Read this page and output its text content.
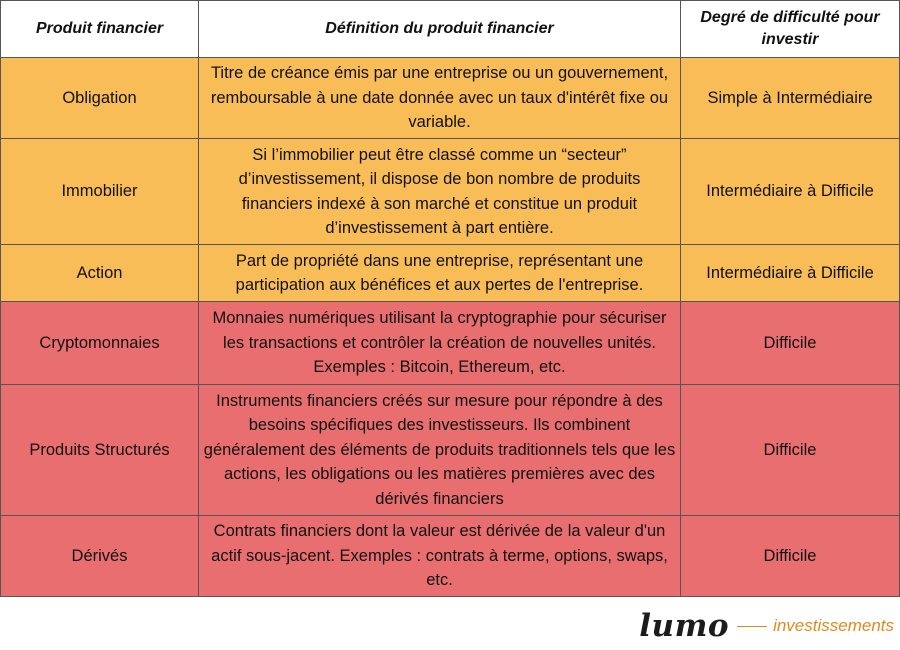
Produit financier	Définition du produit financier	Degré de difficulté pour investir
Obligation	Titre de créance émis par une entreprise ou un gouvernement, remboursable à une date donnée avec un taux d'intérêt fixe ou variable.	Simple à Intermédiaire
Immobilier	Si l’immobilier peut être classé comme un “secteur” d’investissement, il dispose de bon nombre de produits financiers indexé à son marché et constitue un produit d’investissement à part entière.	Intermédiaire à Difficile
Action	Part de propriété dans une entreprise, représentant une participation aux bénéfices et aux pertes de l'entreprise.	Intermédiaire à Difficile
Cryptomonnaies	Monnaies numériques utilisant la cryptographie pour sécuriser les transactions et contrôler la création de nouvelles unités. Exemples : Bitcoin, Ethereum, etc.	Difficile
Produits Structurés	Instruments financiers créés sur mesure pour répondre à des besoins spécifiques des investisseurs. Ils combinent généralement des éléments de produits traditionnels tels que les actions, les obligations ou les matières premières avec des dérivés financiers	Difficile
Dérivés	Contrats financiers dont la valeur est dérivée de la valeur d'un actif sous-jacent. Exemples : contrats à terme, options, swaps, etc.	Difficile
lumo	investissements
